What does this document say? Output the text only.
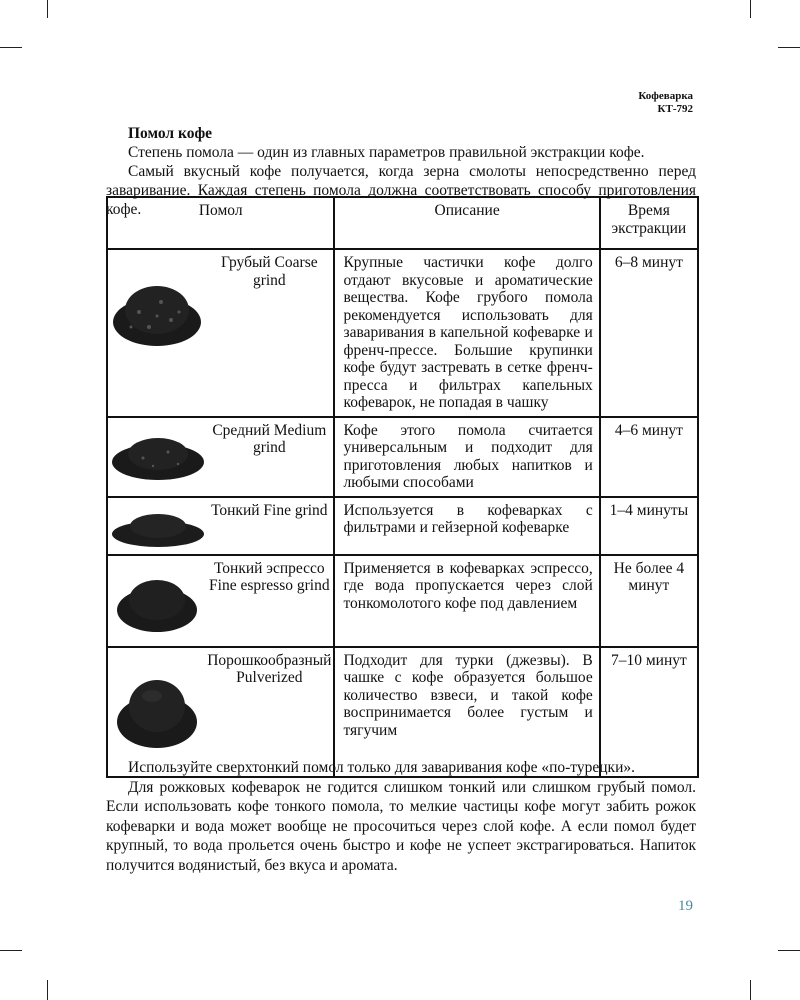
Кофеварка
КТ-792
Помол кофе
Степень помола — один из главных параметров правильной экстракции кофе.
Самый вкусный кофе получается, когда зерна смолоты непосредственно перед заваривание. Каждая степень помола должна соответствовать способу приготовления кофе.	Помол		Описание	Время экстракции

	Грубый Coarse grind	Крупные частички кофе долго отдают вкусовые и ароматические вещества. Кофе грубого помола рекомендуется использовать для заваривания в капельной кофеварке и френч-прессе. Большие крупинки кофе будут застревать в сетке френч-пресса и фильтрах капельных кофеварок, не попадая в чашку	6–8 минут

	Средний Medium grind	Кофе этого помола считается универсальным и подходит для приготовления любых напитков и любыми способами	4–6 минут

	Тонкий Fine grind	Используется в кофеварках с фильтрами и гейзерной кофеварке	1–4 минуты

	Тонкий эспрессо Fine espresso grind	Применяется в кофеварках эспрессо, где вода пропускается через слой тонкомолотого кофе под давлением	Не более 4 минут

	Порошкообразный Pulverized	Подходит для турки (джезвы). В чашке с кофе образуется большое количество взвеси, и такой кофе воспринимается более густым и тягучим	7–10 минут
Используйте сверхтонкий помол только для заваривания кофе «по-турецки».
Для рожковых кофеварок не годится слишком тонкий или слишком грубый помол. Если использовать кофе тонкого помола, то мелкие частицы кофе могут забить рожок кофеварки и вода может вообще не просочиться через слой кофе. А если помол будет крупный, то вода прольется очень быстро и кофе не успеет экстрагироваться. Напиток получится водянистый, без вкуса и аромата.
19
